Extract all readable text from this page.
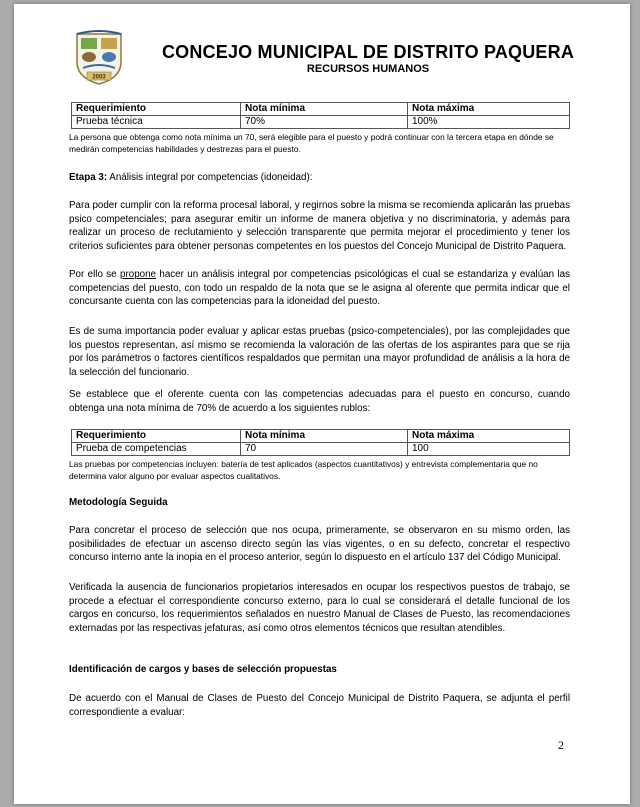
2003
CONCEJO MUNICIPAL DE DISTRITO PAQUERA
RECURSOS HUMANOS
Requerimiento	Nota mínima	Nota máxima
Prueba técnica	70%	100%
La persona que obtenga como nota mínima un 70, será elegible para el puesto y podrá continuar con la tercera etapa en dónde se medirán competencias habilidades y destrezas para el puesto.
Etapa 3: Análisis integral por competencias (idoneidad):

Para poder cumplir con la reforma procesal laboral, y regirnos sobre la misma se recomienda aplicarán las pruebas psico competenciales; para asegurar emitir un informe de manera objetiva y no discriminatoria, y además para realizar un proceso de reclutamiento y selección transparente que permita mejorar el procedimiento y tener los criterios suficientes para obtener personas competentes en los puestos del Concejo Municipal de Distrito Paquera.

Por ello se propone hacer un análisis integral por competencias psicológicas el cual se estandariza y evalúan las competencias del puesto, con todo un respaldo de la nota que se le asigna al oferente que permita indicar que el concursante cuenta con las competencias para la idoneidad del puesto.

Es de suma importancia poder evaluar y aplicar estas pruebas (psico-competenciales), por las complejidades que los puestos representan, así mismo se recomienda la valoración de las ofertas de los aspirantes para que se rija por los parámetros o factores científicos respaldados que permitan una mayor profundidad de análisis a la hora de la selección del funcionario.

Se establece que el oferente cuenta con las competencias adecuadas para el puesto en concurso, cuando obtenga una nota mínima de 70% de acuerdo a los siguientes rublos:

Requerimiento	Nota mínima	Nota máxima
Prueba de competencias	70	100
Las pruebas por competencias incluyen: batería de test aplicados (aspectos cuantitativos) y entrevista complementaria que no determina valor alguno por evaluar aspectos cualitativos.
Metodología Seguida

Para concretar el proceso de selección que nos ocupa, primeramente, se observaron en su mismo orden, las posibilidades de efectuar un ascenso directo según las vías vigentes, o en su defecto, concretar el respectivo concurso interno ante la inopia en el proceso anterior, según lo dispuesto en el artículo 137 del Código Municipal.

Verificada la ausencia de funcionarios propietarios interesados en ocupar los respectivos puestos de trabajo, se procede a efectuar el correspondiente concurso externo, para lo cual se considerará el detalle funcional de los cargos en concurso, los requerimientos señalados en nuestro Manual de Clases de Puesto, las recomendaciones externadas por las respectivas jefaturas, así como otros elementos técnicos que resultan atendibles.

Identificación de cargos y bases de selección propuestas

De acuerdo con el Manual de Clases de Puesto del Concejo Municipal de Distrito Paquera, se adjunta el perfil correspondiente a evaluar:

2
